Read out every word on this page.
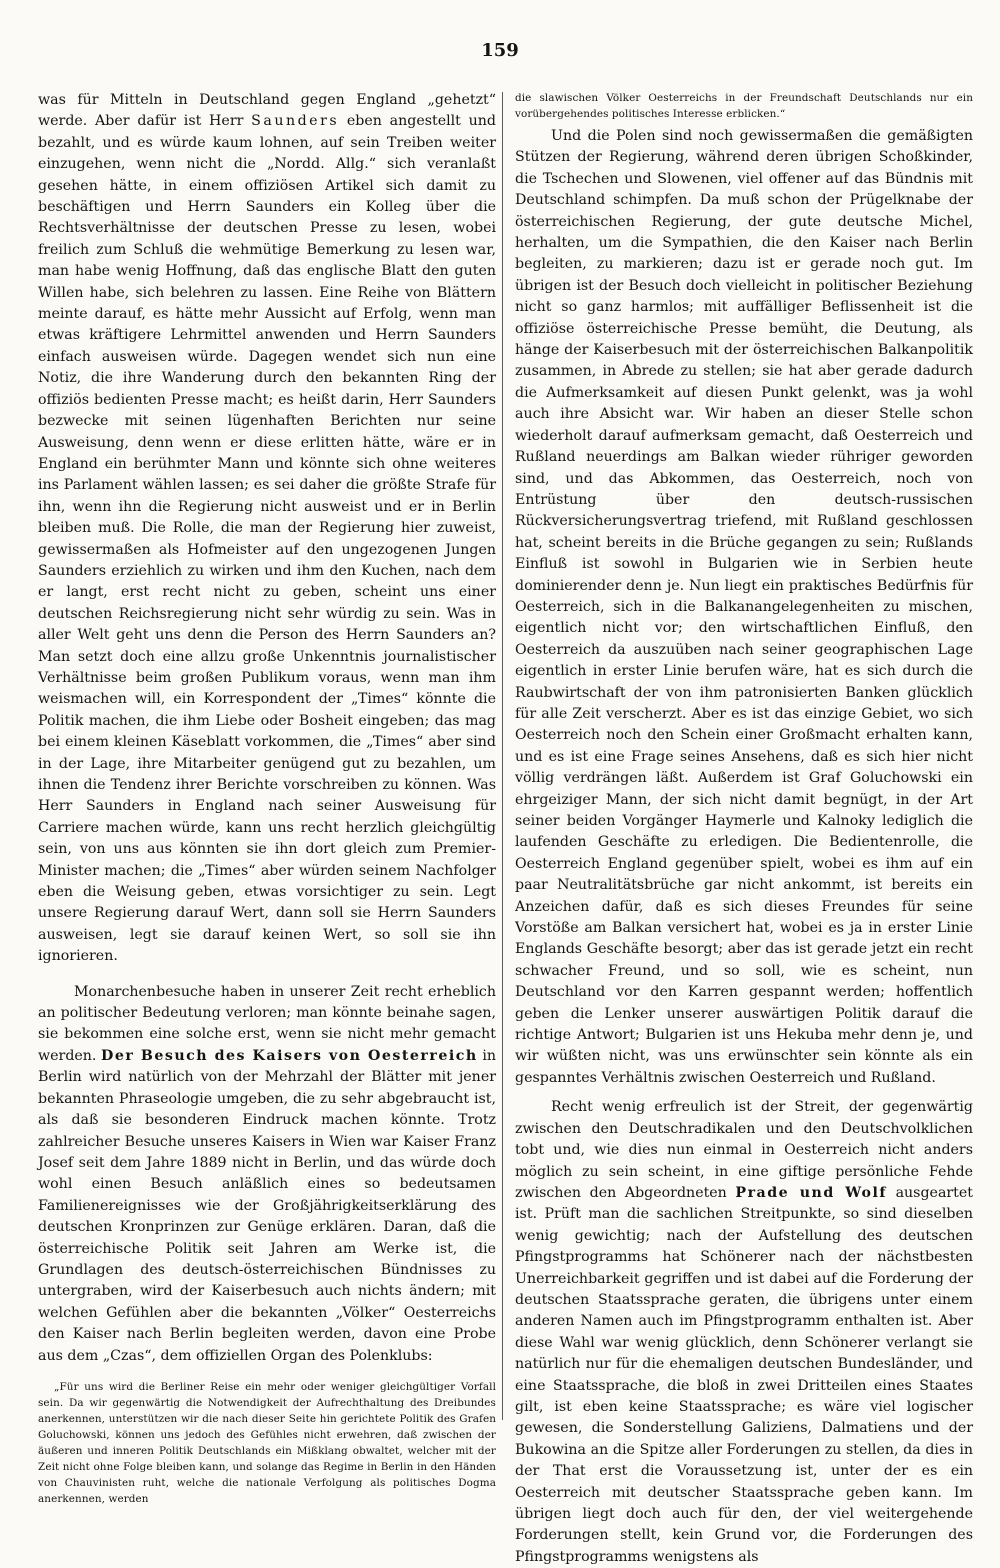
159

was für Mitteln in Deutschland gegen England „gehetzt“ werde. Aber dafür ist Herr Saunders eben angestellt und bezahlt, und es würde kaum lohnen, auf sein Treiben weiter einzugehen, wenn nicht die „Nordd. Allg.“ sich veranlaßt gesehen hätte, in einem offiziösen Artikel sich damit zu beschäftigen und Herrn Saunders ein Kolleg über die Rechtsverhältnisse der deutschen Presse zu lesen, wobei freilich zum Schluß die wehmütige Bemerkung zu lesen war, man habe wenig Hoffnung, daß das englische Blatt den guten Willen habe, sich belehren zu lassen. Eine Reihe von Blättern meinte darauf, es hätte mehr Aussicht auf Erfolg, wenn man etwas kräftigere Lehrmittel anwenden und Herrn Saunders einfach ausweisen würde. Dagegen wendet sich nun eine Notiz, die ihre Wanderung durch den bekannten Ring der offiziös bedienten Presse macht; es heißt darin, Herr Saunders bezwecke mit seinen lügenhaften Berichten nur seine Ausweisung, denn wenn er diese erlitten hätte, wäre er in England ein berühmter Mann und könnte sich ohne weiteres ins Parlament wählen lassen; es sei daher die größte Strafe für ihn, wenn ihn die Regierung nicht ausweist und er in Berlin bleiben muß. Die Rolle, die man der Regierung hier zuweist, gewissermaßen als Hofmeister auf den ungezogenen Jungen Saunders erziehlich zu wirken und ihm den Kuchen, nach dem er langt, erst recht nicht zu geben, scheint uns einer deutschen Reichsregierung nicht sehr würdig zu sein. Was in aller Welt geht uns denn die Person des Herrn Saunders an? Man setzt doch eine allzu große Unkenntnis journalistischer Verhältnisse beim großen Publikum voraus, wenn man ihm weismachen will, ein Korrespondent der „Times“ könnte die Politik machen, die ihm Liebe oder Bosheit eingeben; das mag bei einem kleinen Käseblatt vorkommen, die „Times“ aber sind in der Lage, ihre Mitarbeiter genügend gut zu bezahlen, um ihnen die Tendenz ihrer Berichte vorschreiben zu können. Was Herr Saunders in England nach seiner Ausweisung für Carriere machen würde, kann uns recht herzlich gleichgültig sein, von uns aus könnten sie ihn dort gleich zum Premier-Minister machen; die „Times“ aber würden seinem Nachfolger eben die Weisung geben, etwas vorsichtiger zu sein. Legt unsere Regierung darauf Wert, dann soll sie Herrn Saunders ausweisen, legt sie darauf keinen Wert, so soll sie ihn ignorieren.

Monarchenbesuche haben in unserer Zeit recht erheblich an politischer Bedeutung verloren; man könnte beinahe sagen, sie bekommen eine solche erst, wenn sie nicht mehr gemacht werden. Der Besuch des Kaisers von Oesterreich in Berlin wird natürlich von der Mehrzahl der Blätter mit jener bekannten Phraseologie umgeben, die zu sehr abgebraucht ist, als daß sie besonderen Eindruck machen könnte. Trotz zahlreicher Besuche unseres Kaisers in Wien war Kaiser Franz Josef seit dem Jahre 1889 nicht in Berlin, und das würde doch wohl einen Besuch anläßlich eines so bedeutsamen Familienereignisses wie der Großjährigkeitserklärung des deutschen Kronprinzen zur Genüge erklären. Daran, daß die österreichische Politik seit Jahren am Werke ist, die Grundlagen des deutsch-österreichischen Bündnisses zu untergraben, wird der Kaiserbesuch auch nichts ändern; mit welchen Gefühlen aber die bekannten „Völker“ Oesterreichs den Kaiser nach Berlin begleiten werden, davon eine Probe aus dem „Czas“, dem offiziellen Organ des Polenklubs:

„Für uns wird die Berliner Reise ein mehr oder weniger gleichgültiger Vorfall sein. Da wir gegenwärtig die Notwendigkeit der Aufrechthaltung des Dreibundes anerkennen, unterstützen wir die nach dieser Seite hin gerichtete Politik des Grafen Goluchowski, können uns jedoch des Gefühles nicht erwehren, daß zwischen der äußeren und inneren Politik Deutschlands ein Mißklang obwaltet, welcher mit der Zeit nicht ohne Folge bleiben kann, und solange das Regime in Berlin in den Händen von Chauvinisten ruht, welche die nationale Verfolgung als politisches Dogma anerkennen, werden

die slawischen Völker Oesterreichs in der Freundschaft Deutschlands nur ein vorübergehendes politisches Interesse erblicken.“

Und die Polen sind noch gewissermaßen die gemäßigten Stützen der Regierung, während deren übrigen Schoßkinder, die Tschechen und Slowenen, viel offener auf das Bündnis mit Deutschland schimpfen. Da muß schon der Prügelknabe der österreichischen Regierung, der gute deutsche Michel, herhalten, um die Sympathien, die den Kaiser nach Berlin begleiten, zu markieren; dazu ist er gerade noch gut. Im übrigen ist der Besuch doch vielleicht in politischer Beziehung nicht so ganz harmlos; mit auffälliger Beflissenheit ist die offiziöse österreichische Presse bemüht, die Deutung, als hänge der Kaiserbesuch mit der österreichischen Balkanpolitik zusammen, in Abrede zu stellen; sie hat aber gerade dadurch die Aufmerksamkeit auf diesen Punkt gelenkt, was ja wohl auch ihre Absicht war. Wir haben an dieser Stelle schon wiederholt darauf aufmerksam gemacht, daß Oesterreich und Rußland neuerdings am Balkan wieder rühriger geworden sind, und das Abkommen, das Oesterreich, noch von Entrüstung über den deutsch-russischen Rückversicherungsvertrag triefend, mit Rußland geschlossen hat, scheint bereits in die Brüche gegangen zu sein; Rußlands Einfluß ist sowohl in Bulgarien wie in Serbien heute dominierender denn je. Nun liegt ein praktisches Bedürfnis für Oesterreich, sich in die Balkanangelegenheiten zu mischen, eigentlich nicht vor; den wirtschaftlichen Einfluß, den Oesterreich da auszuüben nach seiner geographischen Lage eigentlich in erster Linie berufen wäre, hat es sich durch die Raubwirtschaft der von ihm patronisierten Banken glücklich für alle Zeit verscherzt. Aber es ist das einzige Gebiet, wo sich Oesterreich noch den Schein einer Großmacht erhalten kann, und es ist eine Frage seines Ansehens, daß es sich hier nicht völlig verdrängen läßt. Außerdem ist Graf Goluchowski ein ehrgeiziger Mann, der sich nicht damit begnügt, in der Art seiner beiden Vorgänger Haymerle und Kalnoky lediglich die laufenden Geschäfte zu erledigen. Die Bedientenrolle, die Oesterreich England gegenüber spielt, wobei es ihm auf ein paar Neutralitätsbrüche gar nicht ankommt, ist bereits ein Anzeichen dafür, daß es sich dieses Freundes für seine Vorstöße am Balkan versichert hat, wobei es ja in erster Linie Englands Geschäfte besorgt; aber das ist gerade jetzt ein recht schwacher Freund, und so soll, wie es scheint, nun Deutschland vor den Karren gespannt werden; hoffentlich geben die Lenker unserer auswärtigen Politik darauf die richtige Antwort; Bulgarien ist uns Hekuba mehr denn je, und wir wüßten nicht, was uns erwünschter sein könnte als ein gespanntes Verhältnis zwischen Oesterreich und Rußland.

Recht wenig erfreulich ist der Streit, der gegenwärtig zwischen den Deutschradikalen und den Deutschvolklichen tobt und, wie dies nun einmal in Oesterreich nicht anders möglich zu sein scheint, in eine giftige persönliche Fehde zwischen den Abgeordneten Prade und Wolf ausgeartet ist. Prüft man die sachlichen Streitpunkte, so sind dieselben wenig gewichtig; nach der Aufstellung des deutschen Pfingstprogramms hat Schönerer nach der nächstbesten Unerreichbarkeit gegriffen und ist dabei auf die Forderung der deutschen Staatssprache geraten, die übrigens unter einem anderen Namen auch im Pfingstprogramm enthalten ist. Aber diese Wahl war wenig glücklich, denn Schönerer verlangt sie natürlich nur für die ehemaligen deutschen Bundesländer, und eine Staatssprache, die bloß in zwei Dritteilen eines Staates gilt, ist eben keine Staatssprache; es wäre viel logischer gewesen, die Sonderstellung Galiziens, Dalmatiens und der Bukowina an die Spitze aller Forderungen zu stellen, da dies in der That erst die Voraussetzung ist, unter der es ein Oesterreich mit deutscher Staatssprache geben kann. Im übrigen liegt doch auch für den, der viel weitergehende Forderungen stellt, kein Grund vor, die Forderungen des Pfingstprogramms wenigstens als
